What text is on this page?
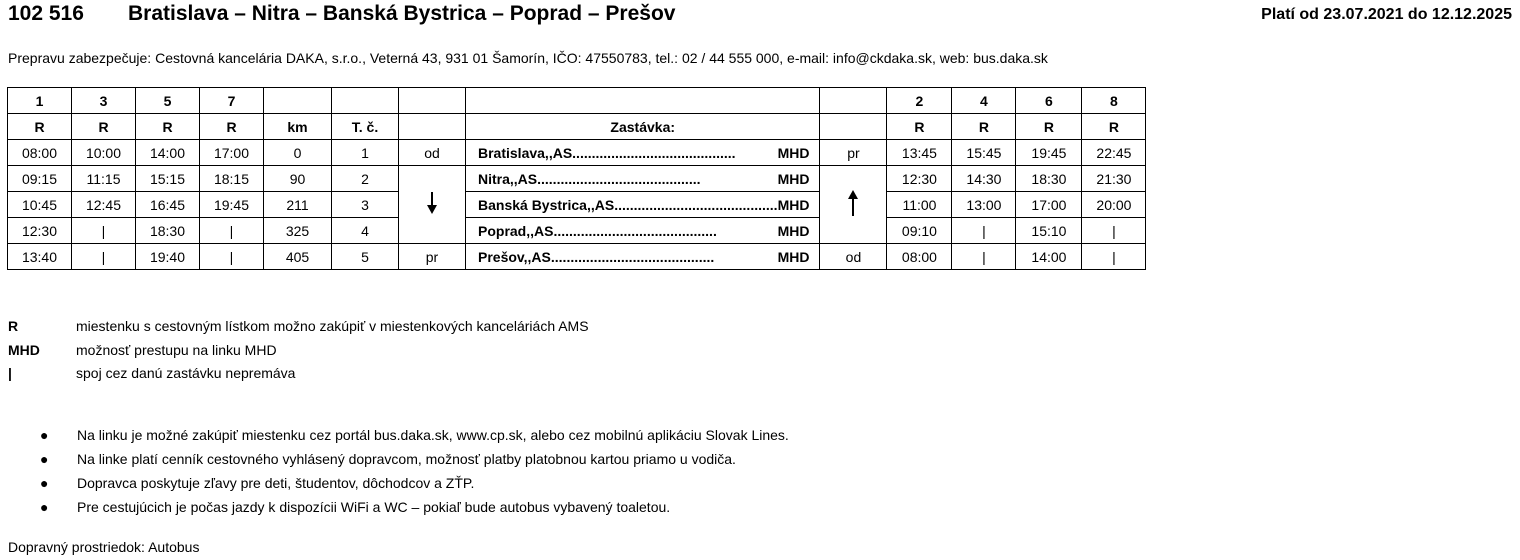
102 516 Bratislava – Nitra – Banská Bystrica – Poprad – Prešov	Platí od 23.07.2021 do 12.12.2025
Prepravu zabezpečuje: Cestovná kancelária DAKA, s.r.o., Veterná 43, 931 01 Šamorín, IČO: 47550783, tel.: 02 / 44 555 000, e-mail: info@ckdaka.sk, web: bus.daka.sk
1	3	5	7						2	4	6	8
R	R	R	R	km	T. č.		Zastávka:		R	R	R	R
08:00	10:00	14:00	17:00	0	1	od	Bratislava,,AS .......................................... MHD	pr	13:45	15:45	19:45	22:45
09:15	11:15	15:15	18:15	90	2		Nitra,,AS .......................................... MHD		12:30	14:30	18:30	21:30
10:45	12:45	16:45	19:45	211	3		Banská Bystrica,,AS .......................................... MHD		11:00	13:00	17:00	20:00
12:30	|	18:30	|	325	4		Poprad,,AS .......................................... MHD		09:10	|	15:10	|
13:40	|	19:40	|	405	5	pr	Prešov,,AS .......................................... MHD	od	08:00	|	14:00	|
R	miestenku s cestovným lístkom možno zakúpiť v miestenkových kanceláriách AMS
MHD	možnosť prestupu na linku MHD
|	spoj cez danú zastávku nepremáva
● Na linku je možné zakúpiť miestenku cez portál bus.daka.sk, www.cp.sk, alebo cez mobilnú aplikáciu Slovak Lines.
● Na linke platí cenník cestovného vyhlásený dopravcom, možnosť platby platobnou kartou priamo u vodiča.
● Dopravca poskytuje zľavy pre deti, študentov, dôchodcov a ZŤP.
● Pre cestujúcich je počas jazdy k dispozícii WiFi a WC – pokiaľ bude autobus vybavený toaletou.
Dopravný prostriedok: Autobus
